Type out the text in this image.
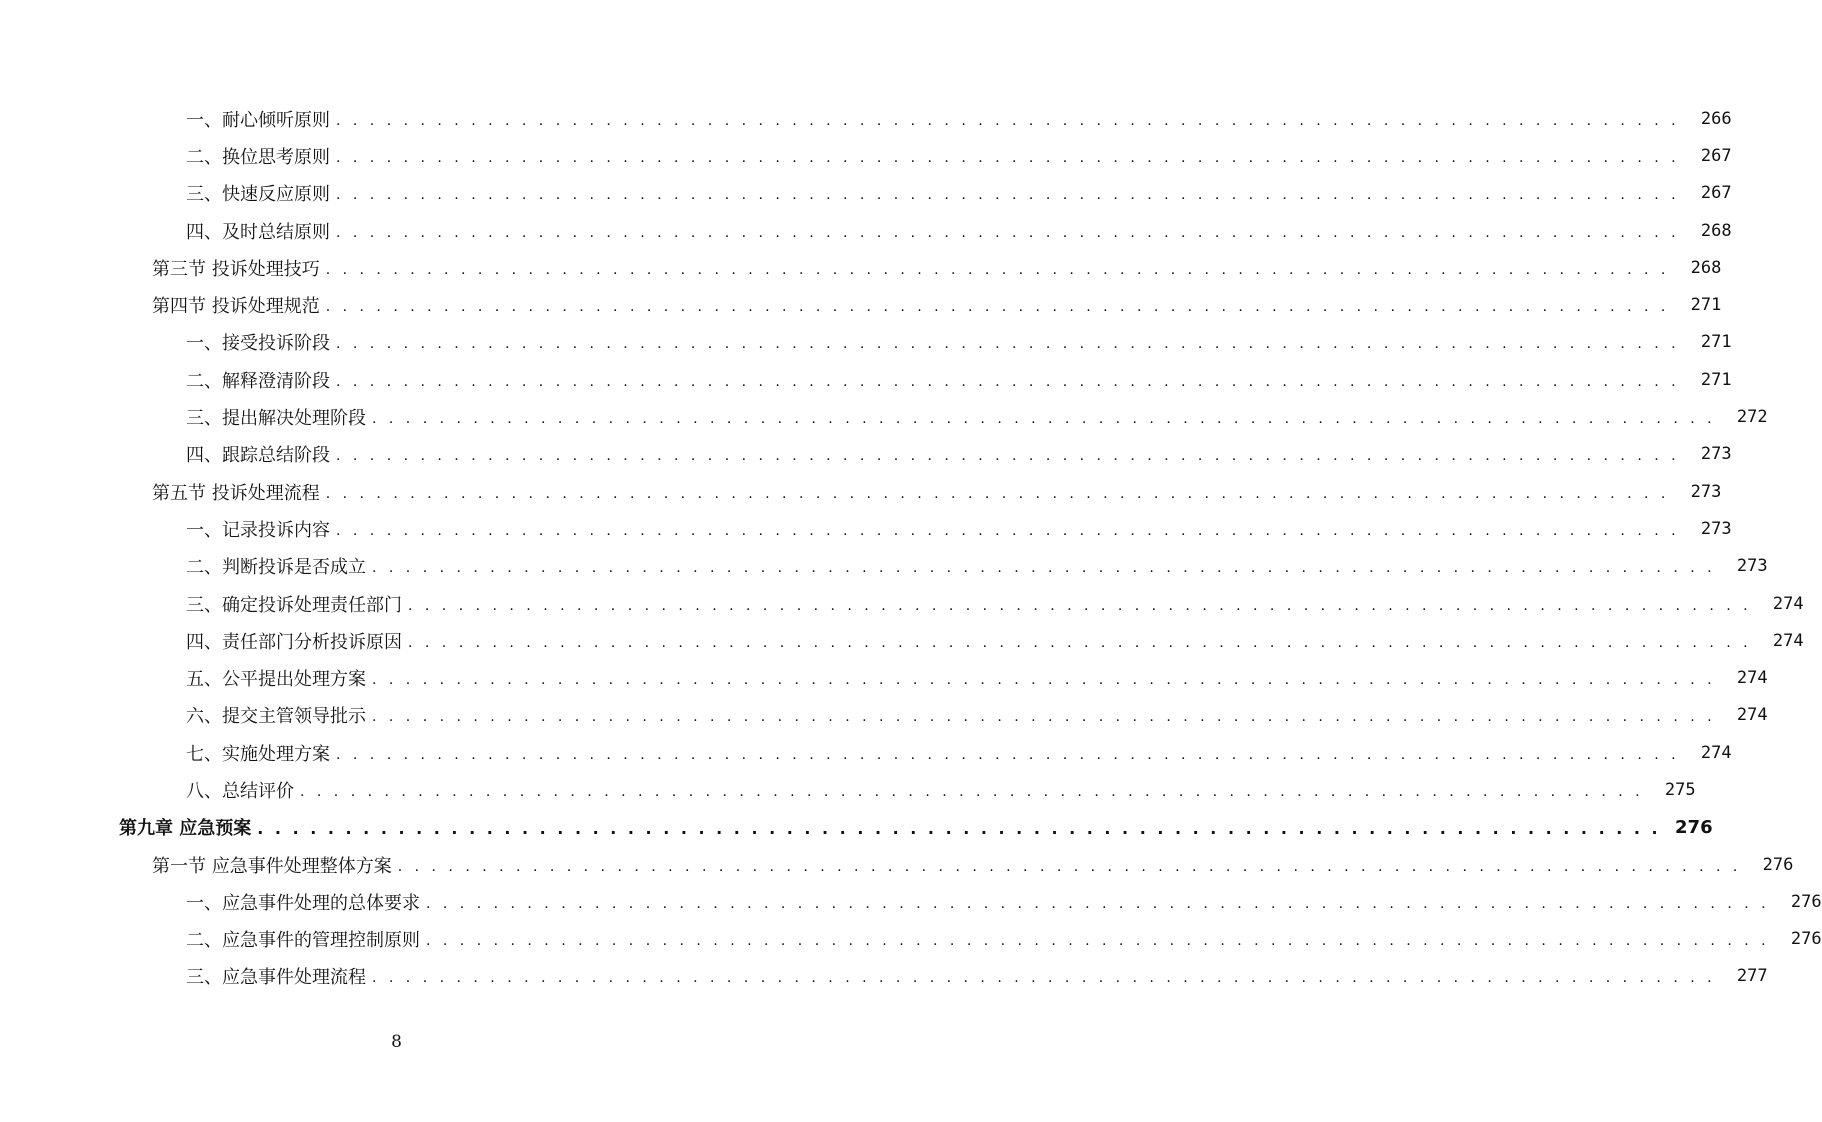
一、耐心倾听原则 . . . . . . . . . . . . . . . . . . . . . . . . . . . . . . . . . . . . . . . . . . . . . . . . . . . . . . . . . . . . . . . . . . . . . . . . . . . . . . . .	266
二、换位思考原则 . . . . . . . . . . . . . . . . . . . . . . . . . . . . . . . . . . . . . . . . . . . . . . . . . . . . . . . . . . . . . . . . . . . . . . . . . . . . . . . .	267
三、快速反应原则 . . . . . . . . . . . . . . . . . . . . . . . . . . . . . . . . . . . . . . . . . . . . . . . . . . . . . . . . . . . . . . . . . . . . . . . . . . . . . . . .	267
四、及时总结原则 . . . . . . . . . . . . . . . . . . . . . . . . . . . . . . . . . . . . . . . . . . . . . . . . . . . . . . . . . . . . . . . . . . . . . . . . . . . . . . . .	268
第三节 投诉处理技巧 . . . . . . . . . . . . . . . . . . . . . . . . . . . . . . . . . . . . . . . . . . . . . . . . . . . . . . . . . . . . . . . . . . . . . . . . . . . . . . . .	268
第四节 投诉处理规范 . . . . . . . . . . . . . . . . . . . . . . . . . . . . . . . . . . . . . . . . . . . . . . . . . . . . . . . . . . . . . . . . . . . . . . . . . . . . . . . .	271
一、接受投诉阶段 . . . . . . . . . . . . . . . . . . . . . . . . . . . . . . . . . . . . . . . . . . . . . . . . . . . . . . . . . . . . . . . . . . . . . . . . . . . . . . . .	271
二、解释澄清阶段 . . . . . . . . . . . . . . . . . . . . . . . . . . . . . . . . . . . . . . . . . . . . . . . . . . . . . . . . . . . . . . . . . . . . . . . . . . . . . . . .	271
三、提出解决处理阶段 . . . . . . . . . . . . . . . . . . . . . . . . . . . . . . . . . . . . . . . . . . . . . . . . . . . . . . . . . . . . . . . . . . . . . . . . . . . . . . . .	272
四、跟踪总结阶段 . . . . . . . . . . . . . . . . . . . . . . . . . . . . . . . . . . . . . . . . . . . . . . . . . . . . . . . . . . . . . . . . . . . . . . . . . . . . . . . .	273
第五节 投诉处理流程 . . . . . . . . . . . . . . . . . . . . . . . . . . . . . . . . . . . . . . . . . . . . . . . . . . . . . . . . . . . . . . . . . . . . . . . . . . . . . . . .	273
一、记录投诉内容 . . . . . . . . . . . . . . . . . . . . . . . . . . . . . . . . . . . . . . . . . . . . . . . . . . . . . . . . . . . . . . . . . . . . . . . . . . . . . . . .	273
二、判断投诉是否成立 . . . . . . . . . . . . . . . . . . . . . . . . . . . . . . . . . . . . . . . . . . . . . . . . . . . . . . . . . . . . . . . . . . . . . . . . . . . . . . . .	273
三、确定投诉处理责任部门 . . . . . . . . . . . . . . . . . . . . . . . . . . . . . . . . . . . . . . . . . . . . . . . . . . . . . . . . . . . . . . . . . . . . . . . . . . . . . . . .	274
四、责任部门分析投诉原因 . . . . . . . . . . . . . . . . . . . . . . . . . . . . . . . . . . . . . . . . . . . . . . . . . . . . . . . . . . . . . . . . . . . . . . . . . . . . . . . .	274
五、公平提出处理方案 . . . . . . . . . . . . . . . . . . . . . . . . . . . . . . . . . . . . . . . . . . . . . . . . . . . . . . . . . . . . . . . . . . . . . . . . . . . . . . . .	274
六、提交主管领导批示 . . . . . . . . . . . . . . . . . . . . . . . . . . . . . . . . . . . . . . . . . . . . . . . . . . . . . . . . . . . . . . . . . . . . . . . . . . . . . . . .	274
七、实施处理方案 . . . . . . . . . . . . . . . . . . . . . . . . . . . . . . . . . . . . . . . . . . . . . . . . . . . . . . . . . . . . . . . . . . . . . . . . . . . . . . . .	274
八、总结评价 . . . . . . . . . . . . . . . . . . . . . . . . . . . . . . . . . . . . . . . . . . . . . . . . . . . . . . . . . . . . . . . . . . . . . . . . . . . . . . . .	275
第九章 应急预案 . . . . . . . . . . . . . . . . . . . . . . . . . . . . . . . . . . . . . . . . . . . . . . . . . . . . . . . . . . . . . . . . . . . . . . . . . . . . . . . . 276
第一节 应急事件处理整体方案 . . . . . . . . . . . . . . . . . . . . . . . . . . . . . . . . . . . . . . . . . . . . . . . . . . . . . . . . . . . . . . . . . . . . . . . . . . . . . . . .	276
一、应急事件处理的总体要求 . . . . . . . . . . . . . . . . . . . . . . . . . . . . . . . . . . . . . . . . . . . . . . . . . . . . . . . . . . . . . . . . . . . . . . . . . . . . . . . .	276
二、应急事件的管理控制原则 . . . . . . . . . . . . . . . . . . . . . . . . . . . . . . . . . . . . . . . . . . . . . . . . . . . . . . . . . . . . . . . . . . . . . . . . . . . . . . . .	276
三、应急事件处理流程 . . . . . . . . . . . . . . . . . . . . . . . . . . . . . . . . . . . . . . . . . . . . . . . . . . . . . . . . . . . . . . . . . . . . . . . . . . . . . . . .	277
8
